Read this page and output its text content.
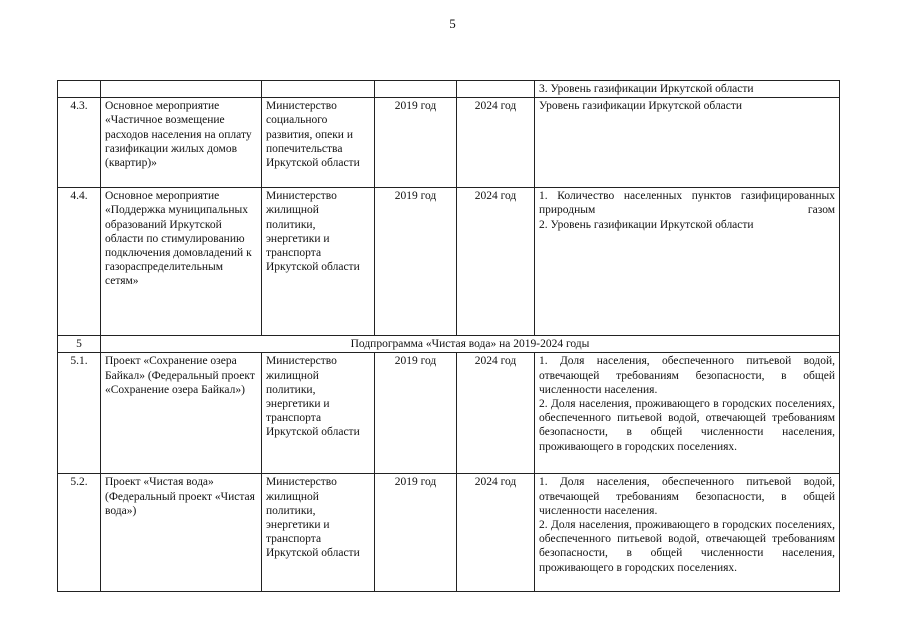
5

					3. Уровень газификации Иркутской области

4.3.	Основное мероприятие «Частичное возмещение расходов населения на оплату газификации жилых домов (квартир)»	Министерство социального развития, опеки и попечительства Иркутской области	2019 год	2024 год	Уровень газификации Иркутской области

4.4.	Основное мероприятие «Поддержка муниципальных образований Иркутской области по стимулированию подключения домовладений к газораспределительным сетям»	Министерство жилищной политики, энергетики и транспорта Иркутской области	2019 год	2024 год	1. Количество населенных пунктов газифицированных природным газом
2. Уровень газификации Иркутской области

5	Подпрограмма «Чистая вода» на 2019-2024 годы				
5.1.	Проект «Сохранение озера Байкал» (Федеральный проект «Сохранение озера Байкал»)	Министерство жилищной политики, энергетики и транспорта Иркутской области	2019 год	2024 год	1. Доля населения, обеспеченного питьевой водой, отвечающей требованиям безопасности, в общей численности населения.
2. Доля населения, проживающего в городских поселениях, обеспеченного питьевой водой, отвечающей требованиям безопасности, в общей численности населения, проживающего в городских поселениях.

5.2.	Проект «Чистая вода» (Федеральный проект «Чистая вода»)	Министерство жилищной политики, энергетики и транспорта Иркутской области	2019 год	2024 год	1. Доля населения, обеспеченного питьевой водой, отвечающей требованиям безопасности, в общей численности населения.
2. Доля населения, проживающего в городских поселениях, обеспеченного питьевой водой, отвечающей требованиям безопасности, в общей численности населения, проживающего в городских поселениях.
